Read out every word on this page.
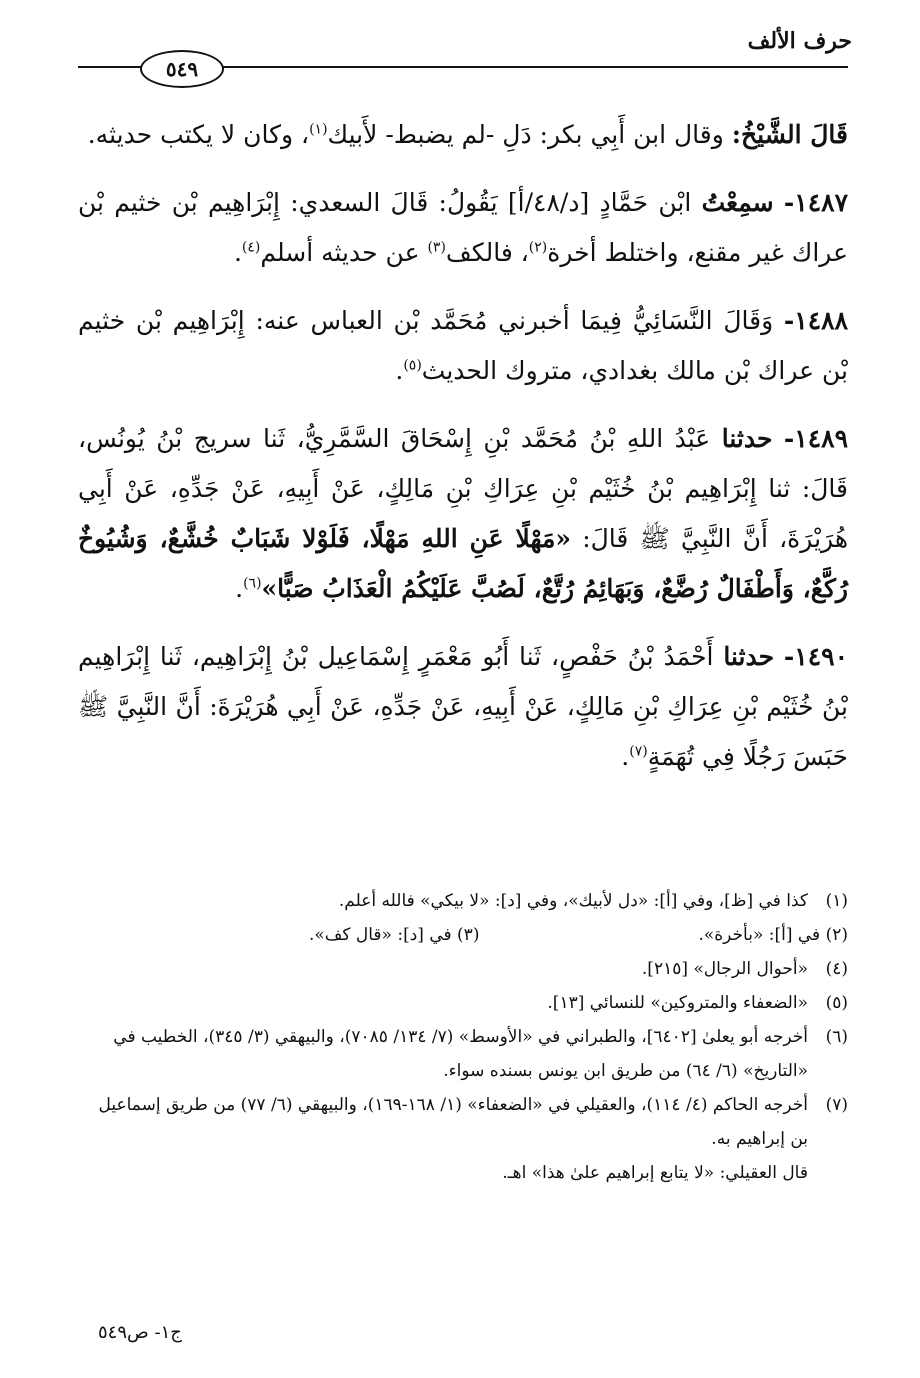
حرف الألف
٥٤٩

قَالَ الشَّيْخُ: وقال ابن أَبِي بكر: دَلِ -لم يضبط- لأَبيك$^{(١)}$، وكان لا يكتب حديثه.

١٤٨٧- سمِعْتُ ابْن حَمَّادٍ [د/٤٨/أ] يَقُولُ: قَالَ السعدي: إِبْرَاهِيم بْن خثيم بْن عراك غير مقنع، واختلط أخرة$^{(٢)}$، فالكف$^{(٣)}$ عن حديثه أسلم$^{(٤)}$.

١٤٨٨- وَقَالَ النَّسَائِيُّ فِيمَا أخبرني مُحَمَّد بْن العباس عنه: إِبْرَاهِيم بْن خثيم بْن عراك بْن مالك بغدادي، متروك الحديث$^{(٥)}$.

١٤٨٩- حدثنا عَبْدُ اللهِ بْنُ مُحَمَّد بْنِ إِسْحَاقَ السَّمَّرِيُّ، ثَنا سريج بْنُ يُونُس، قَالَ: ثنا إِبْرَاهِيم بْنُ خُثَيْم بْنِ عِرَاكِ بْنِ مَالِكٍ، عَنْ أَبِيهِ، عَنْ جَدِّهِ، عَنْ أَبِي هُرَيْرَةَ، أَنَّ النَّبِيَّ ﷺ قَالَ: «مَهْلًا عَنِ اللهِ مَهْلًا، فَلَوْلا شَبَابٌ خُشَّعٌ، وَشُيُوخٌ رُكَّعٌ، وَأَطْفَالٌ رُضَّعٌ، وَبَهَائِمُ رُتَّعٌ، لَصُبَّ عَلَيْكُمُ الْعَذَابُ صَبًّا»$^{(٦)}$.

١٤٩٠- حدثنا أَحْمَدُ بْنُ حَفْصٍ، ثَنا أَبُو مَعْمَرٍ إِسْمَاعِيل بْنُ إِبْرَاهِيم، ثَنا إِبْرَاهِيم بْنُ خُثَيْم بْنِ عِرَاكِ بْنِ مَالِكٍ، عَنْ أَبِيهِ، عَنْ جَدِّهِ، عَنْ أَبِي هُرَيْرَةَ: أَنَّ النَّبِيَّ ﷺ حَبَسَ رَجُلًا فِي تُهَمَةٍ$^{(٧)}$.

(١)
كذا في [ظ]، وفي [أ]: «دل لأبيك»، وفي [د]: «لا بيكي» فالله أعلم.
(٢) في [أ]: «بأخرة».
(٣) في [د]: «قال كف».
(٤)
«أحوال الرجال» [٢١٥].
(٥)
«الضعفاء والمتروكين» للنسائي [١٣].
(٦)
أخرجه أبو يعلىٰ [٦٤٠٢]، والطبراني في «الأوسط» (٧/ ١٣٤/ ٧٠٨٥)، والبيهقي (٣/ ٣٤٥)، الخطيب في «التاريخ» (٦/ ٦٤) من طريق ابن يونس بسنده سواء.
(٧)
أخرجه الحاكم (٤/ ١١٤)، والعقيلي في «الضعفاء» (١/ ١٦٨-١٦٩)، والبيهقي (٦/ ٧٧) من طريق إسماعيل بن إبراهيم به.
قال العقيلي: «لا يتابع إبراهيم علىٰ هذا» اهـ.
ج١- ص٥٤٩
